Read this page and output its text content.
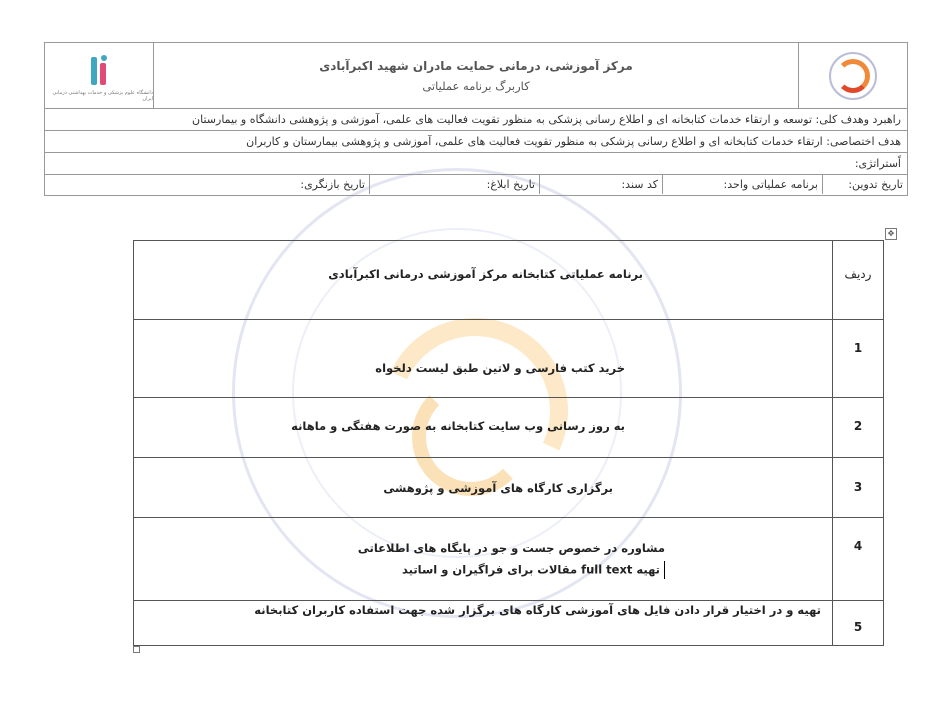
مرکز آموزشی، درمانی حمایت مادران شهید اکبرآبادی
کاربرگ برنامه عملیاتی
دانشگاه علوم پزشکی و خدمات بهداشتی درمانی ایران
راهبرد وهدف کلی: توسعه و ارتقاء خدمات کتابخانه ای و اطلاع رسانی پزشکی به منظور تقویت فعالیت های علمی، آموزشی و پژوهشی دانشگاه و بیمارستان
هدف اختصاصی: ارتقاء خدمات کتابخانه ای و اطلاع رسانی پزشکی به منظور تقویت فعالیت های علمی، آموزشی و پژوهشی بیمارستان و کاربران
اًستراتژی:
تاریخ تدوین:
برنامه عملیاتی واحد:
کد سند:
تاریخ ابلاغ:
تاریخ بازنگری:
✥
ردیف
برنامه عملیاتی کتابخانه مرکز آموزشی درمانی اکبرآبادی
1
خرید کتب فارسی و لاتین طبق لیست دلخواه
2
به روز رسانی وب سایت کتابخانه به صورت هفتگی و ماهانه
3
برگزاری کارگاه های آموزشی و پژوهشی
4
مشاوره در خصوص جست و جو در پایگاه های اطلاعاتی
تهیه full text مقالات برای فراگیران و اساتید
5
تهیه و در اختیار قرار دادن فایل های آموزشی کارگاه های برگزار شده جهت استفاده کاربران کتابخانه
